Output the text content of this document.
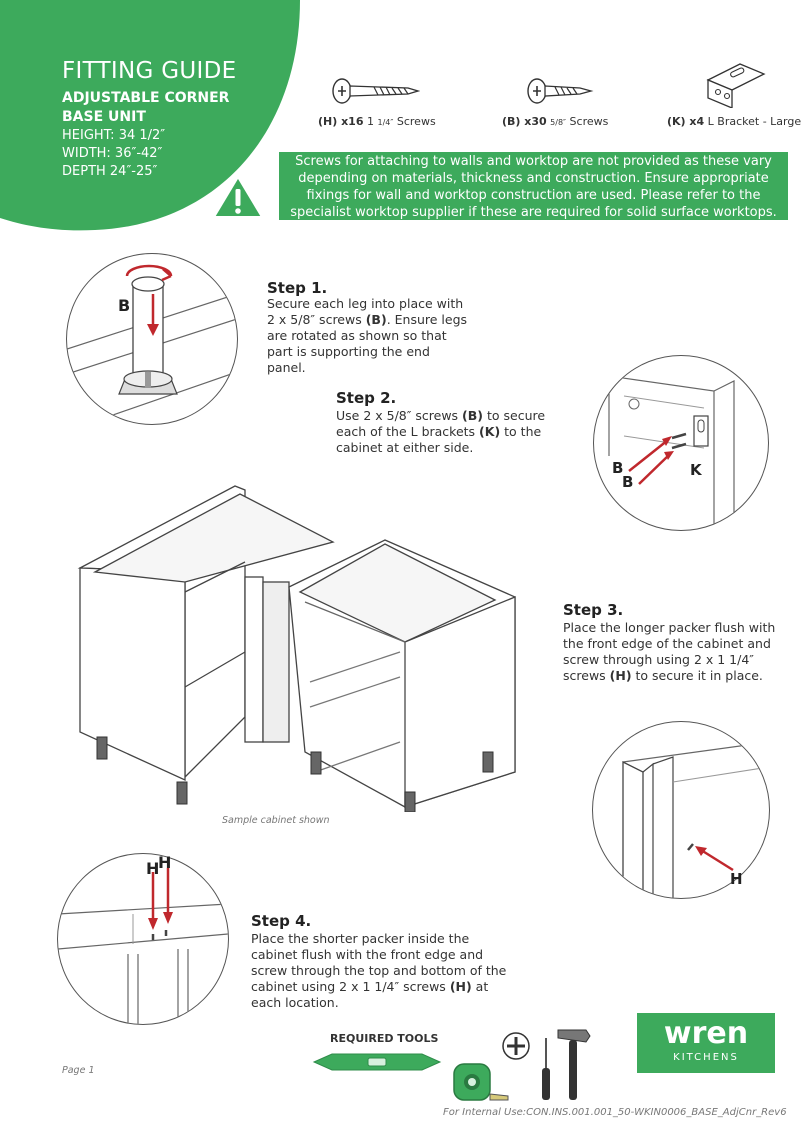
FITTING GUIDE
ADJUSTABLE CORNER
BASE UNIT
HEIGHT: 34 1/2″
WIDTH: 36″-42″
DEPTH 24″-25″
(H) x16 1 1/4″ Screws	(B) x30 5/8″ Screws	(K) x4 L Bracket - Large
Screws for attaching to walls and worktop are not provided as these vary depending on materials, thickness and construction. Ensure appropriate fixings for wall and worktop construction are used. Please refer to the specialist worktop supplier if these are required for solid surface worktops.
B
Step 1.
Secure each leg into place with 2 x 5/8″ screws (B). Ensure legs are rotated as shown so that part is supporting the end panel.
Step 2.
Use 2 x 5/8″ screws (B) to secure each of the L brackets (K) to the cabinet at either side.
B
B
K
Sample cabinet shown
Step 3.
Place the longer packer flush with the front edge of the cabinet and screw through using 2 x 1 1/4″ screws (H) to secure it in place.
H
H
H
Step 4.
Place the shorter packer inside the cabinet flush with the front edge and screw through the top and bottom of the cabinet using 2 x 1 1/4″ screws (H) at each location.
REQUIRED TOOLS	wren
KITCHENS
Page 1
For Internal Use:CON.INS.001.001_50-WKIN0006_BASE_AdjCnr_Rev6
